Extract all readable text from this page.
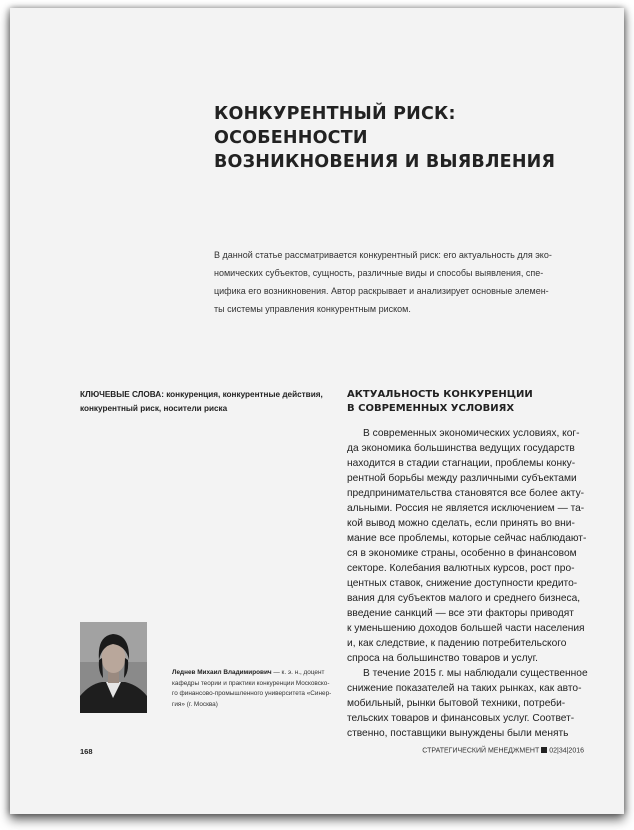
КОНКУРЕНТНЫЙ РИСК: ОСОБЕННОСТИ
ВОЗНИКНОВЕНИЯ И ВЫЯВЛЕНИЯ
В данной статье рассматривается конкурентный риск: его актуальность для эко-
номических субъектов, сущность, различные виды и способы выявления, спе-
цифика его возникновения. Автор раскрывает и анализирует основные элемен-
ты системы управления конкурентным риском.
КЛЮЧЕВЫЕ СЛОВА: конкуренция, конкурентные действия,
конкурентный риск, носители риска
АКТУАЛЬНОСТЬ КОНКУРЕНЦИИ
В СОВРЕМЕННЫХ УСЛОВИЯХ
В современных экономических условиях, ког-
да экономика большинства ведущих государств
находится в стадии стагнации, проблемы конку-
рентной борьбы между различными субъектами
предпринимательства становятся все более акту-
альными. Россия не является исключением — та-
кой вывод можно сделать, если принять во вни-
мание все проблемы, которые сейчас наблюдают-
ся в экономике страны, особенно в финансовом
секторе. Колебания валютных курсов, рост про-
центных ставок, снижение доступности кредито-
вания для субъектов малого и среднего бизнеса,
введение санкций — все эти факторы приводят
к уменьшению доходов большей части населения
и, как следствие, к падению потребительского
спроса на большинство товаров и услуг.
В течение 2015 г. мы наблюдали существенное
снижение показателей на таких рынках, как авто-
мобильный, рынки бытовой техники, потреби-
тельских товаров и финансовых услуг. Соответ-
ственно, поставщики вынуждены были менять
Леднев Михаил Владимирович — к. э. н., доцент
кафедры теории и практики конкуренции Московско-
го финансово-промышленного университета «Синер-
гия» (г. Москва)
168	СТРАТЕГИЧЕСКИЙ МЕНЕДЖМЕНТ 02|34|2016
